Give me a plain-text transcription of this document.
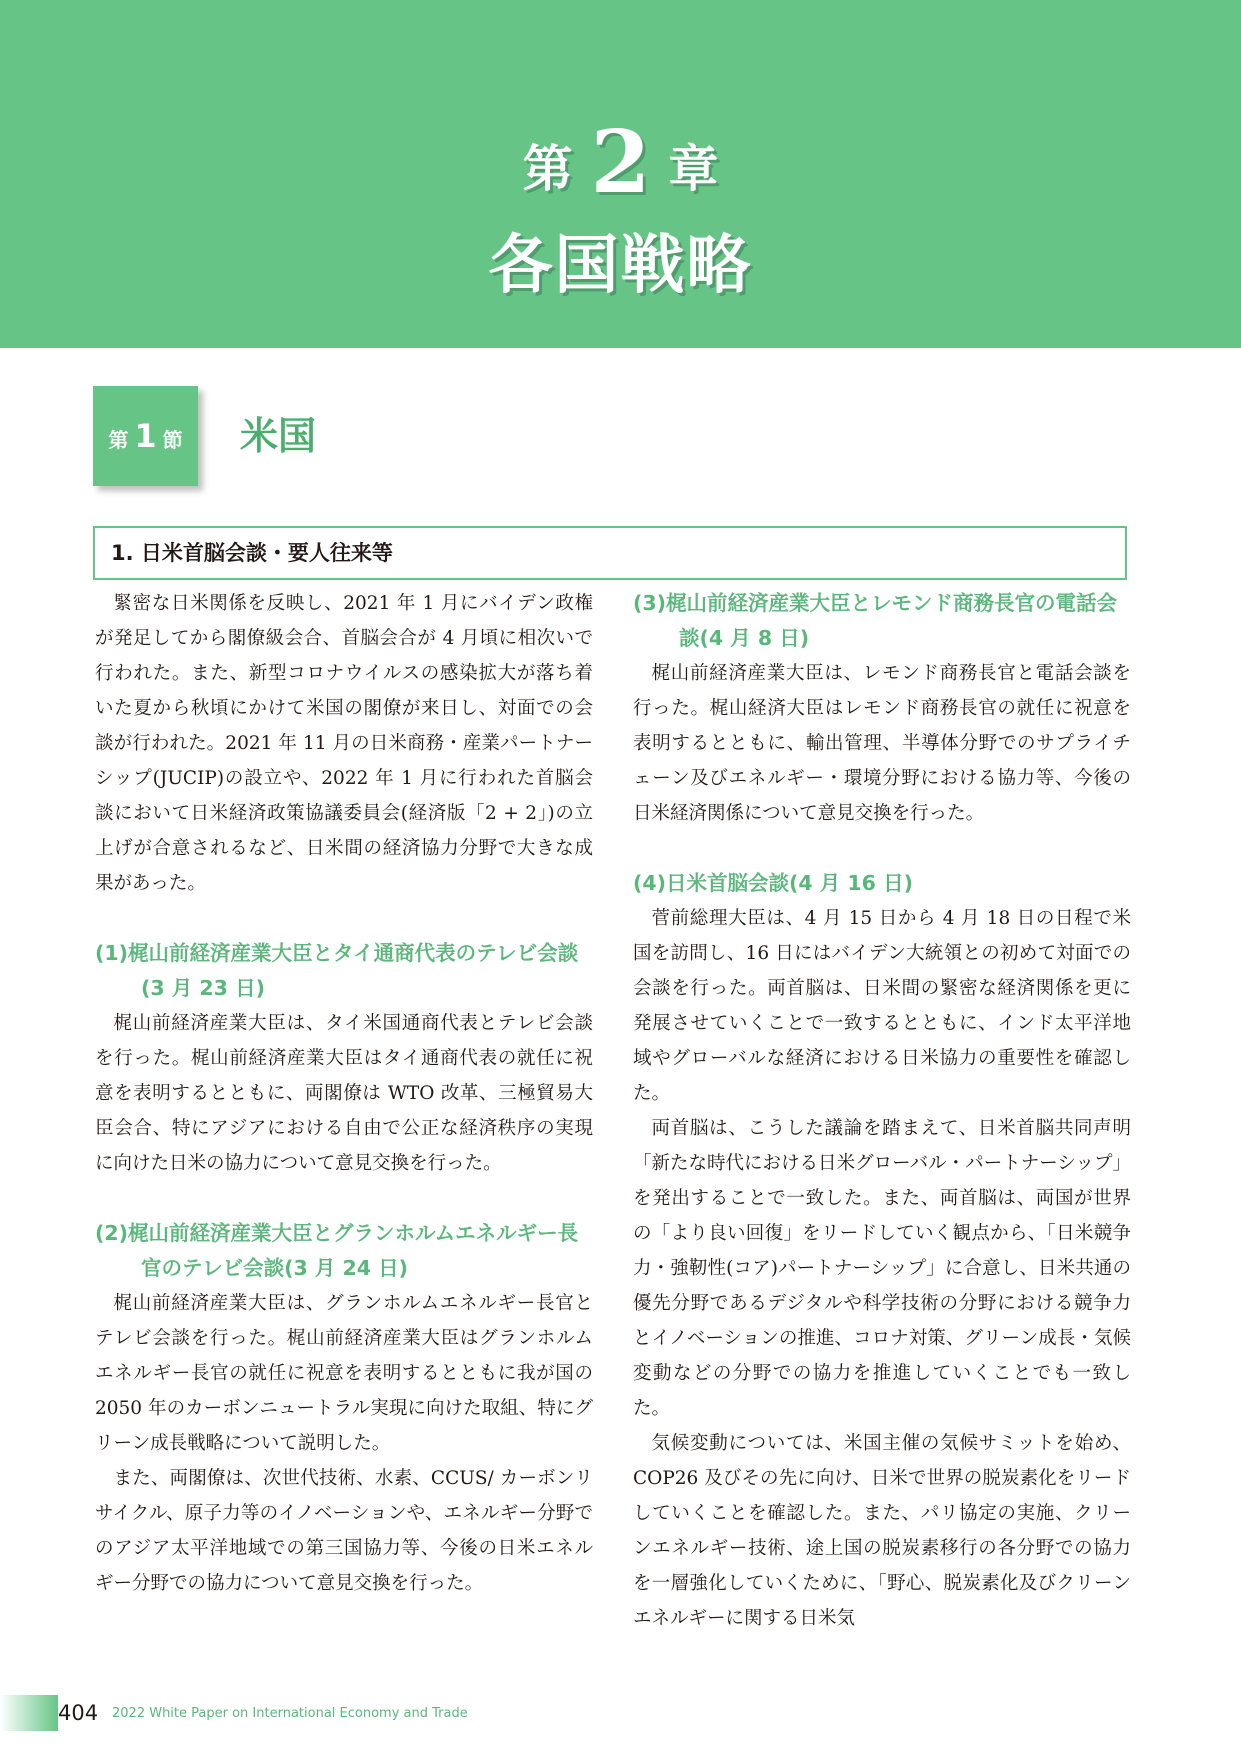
第 2 章
各国戦略
第 1 節	米国
1. 日米首脳会談・要人往来等

緊密な日米関係を反映し、2021 年 1 月にバイデン政権が発足してから閣僚級会合、首脳会合が 4 月頃に相次いで行われた。また、新型コロナウイルスの感染拡大が落ち着いた夏から秋頃にかけて米国の閣僚が来日し、対面での会談が行われた。2021 年 11 月の日米商務・産業パートナーシップ(JUCIP)の設立や、2022 年 1 月に行われた首脳会談において日米経済政策協議委員会(経済版「2 + 2」)の立上げが合意されるなど、日米間の経済協力分野で大きな成果があった。

(1)梶山前経済産業大臣とタイ通商代表のテレビ会談(3 月 23 日)

梶山前経済産業大臣は、タイ米国通商代表とテレビ会談を行った。梶山前経済産業大臣はタイ通商代表の就任に祝意を表明するとともに、両閣僚は WTO 改革、三極貿易大臣会合、特にアジアにおける自由で公正な経済秩序の実現に向けた日米の協力について意見交換を行った。

(2)梶山前経済産業大臣とグランホルムエネルギー長官のテレビ会談(3 月 24 日)

梶山前経済産業大臣は、グランホルムエネルギー長官とテレビ会談を行った。梶山前経済産業大臣はグランホルムエネルギー長官の就任に祝意を表明するとともに我が国の 2050 年のカーボンニュートラル実現に向けた取組、特にグリーン成長戦略について説明した。

また、両閣僚は、次世代技術、水素、CCUS/ カーボンリサイクル、原子力等のイノベーションや、エネルギー分野でのアジア太平洋地域での第三国協力等、今後の日米エネルギー分野での協力について意見交換を行った。

(3)梶山前経済産業大臣とレモンド商務長官の電話会談(4 月 8 日)

梶山前経済産業大臣は、レモンド商務長官と電話会談を行った。梶山経済大臣はレモンド商務長官の就任に祝意を表明するとともに、輸出管理、半導体分野でのサプライチェーン及びエネルギー・環境分野における協力等、今後の日米経済関係について意見交換を行った。

(4)日米首脳会談(4 月 16 日)

菅前総理大臣は、4 月 15 日から 4 月 18 日の日程で米国を訪問し、16 日にはバイデン大統領との初めて対面での会談を行った。両首脳は、日米間の緊密な経済関係を更に発展させていくことで一致するとともに、インド太平洋地域やグローバルな経済における日米協力の重要性を確認した。

両首脳は、こうした議論を踏まえて、日米首脳共同声明「新たな時代における日米グローバル・パートナーシップ」を発出することで一致した。また、両首脳は、両国が世界の「より良い回復」をリードしていく観点から、「日米競争力・強靭性(コア)パートナーシップ」に合意し、日米共通の優先分野であるデジタルや科学技術の分野における競争力とイノベーションの推進、コロナ対策、グリーン成長・気候変動などの分野での協力を推進していくことでも一致した。

気候変動については、米国主催の気候サミットを始め、COP26 及びその先に向け、日米で世界の脱炭素化をリードしていくことを確認した。また、パリ協定の実施、クリーンエネルギー技術、途上国の脱炭素移行の各分野での協力を一層強化していくために、「野心、脱炭素化及びクリーンエネルギーに関する日米気

404 2022 White Paper on International Economy and Trade
